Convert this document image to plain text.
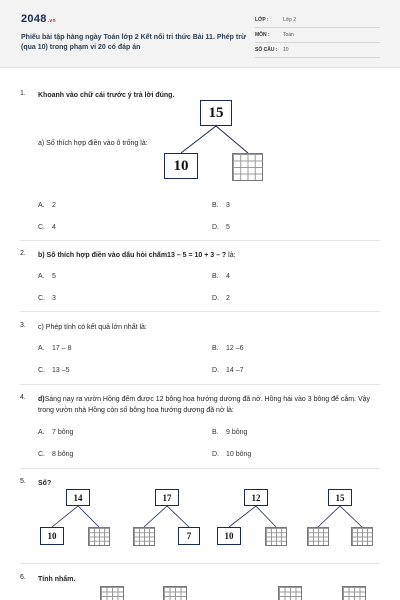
2048.vn
Phiếu bài tập hàng ngày Toán lớp 2 Kết nối tri thức Bài 11. Phép trừ (qua 10) trong phạm vi 20 có đáp án
LỚP :	Lớp 2
MÔN :	Toán
SỐ CÂU : 10
1. Khoanh vào chữ cái trước ý trả lời đúng.
a) Số thích hợp điền vào ô trống là:
15
10
A. 2	B. 3
C. 4	D. 5
2. b) Số thích hợp điền vào dấu hỏi chấm13 – 5 = 10 + 3 – ? là:
A. 5	B. 4
C. 3	D. 2
3. c) Phép tính có kết quả lớn nhất là:
A. 17 – 8	B. 12 –6
C. 13 –5	D. 14 –7
4. d)Sáng nay ra vườn Hồng đếm được 12 bông hoa hướng dương đã nở. Hồng hái vào 3 bông để cắm. Vậy trong vườn nhà Hồng còn số bông hoa hướng dương đã nở là:
A. 7 bông	B. 9 bông
C. 8 bông	D. 10 bông
5. Số?
14
10
17
7
12
10
15
6. Tính nhẩm.
